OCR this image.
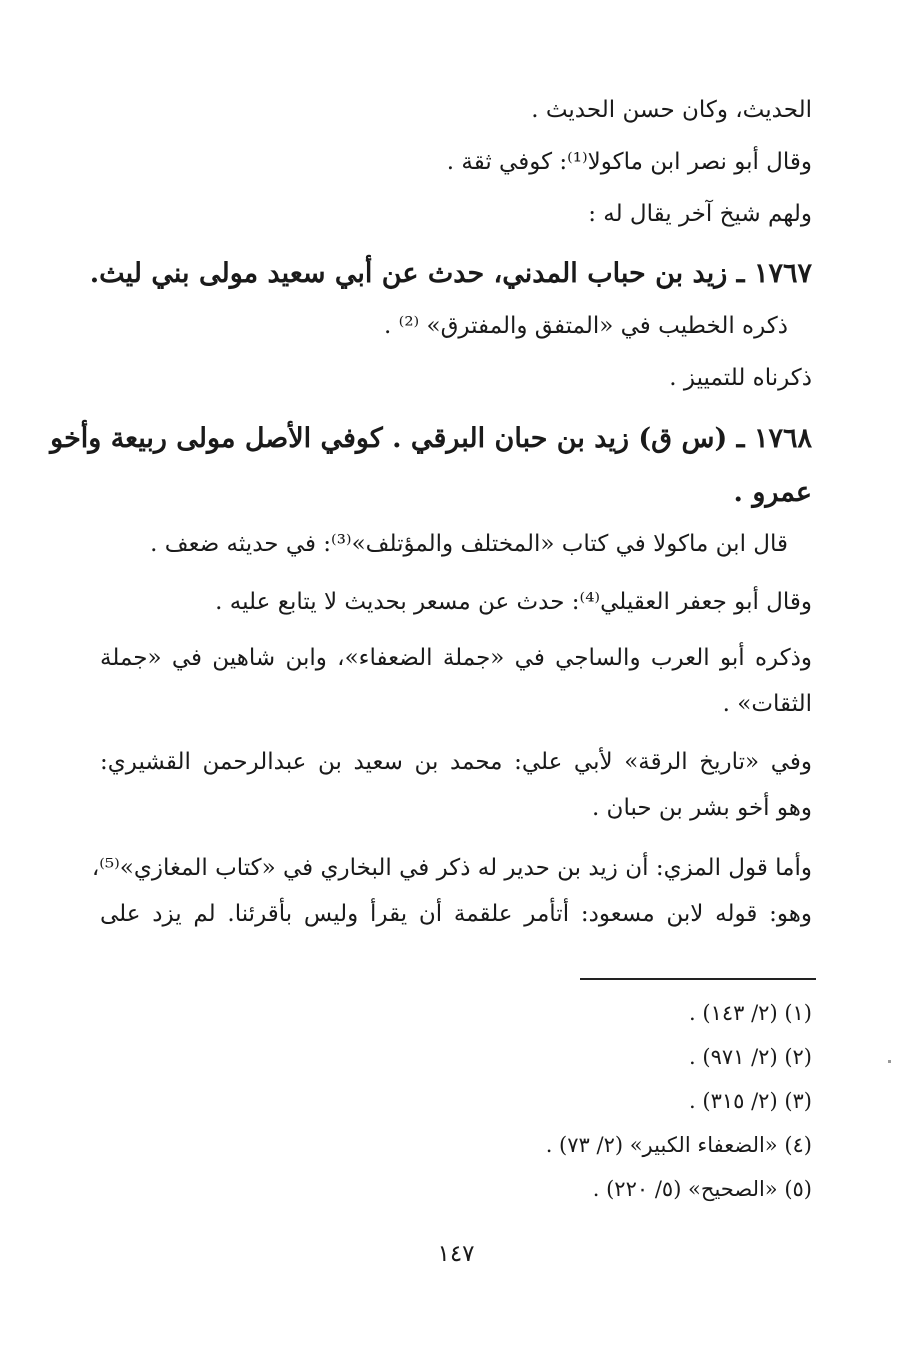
الحديث، وكان حسن الحديث .
وقال أبو نصر ابن ماكولا⁽¹⁾: كوفي ثقة .
ولهم شيخ آخر يقال له :
١٧٦٧ ـ زيد بن حباب المدني، حدث عن أبي سعيد مولى بني ليث.
ذكره الخطيب في «المتفق والمفترق» ⁽²⁾ .
ذكرناه للتمييز .
١٧٦٨ ـ (س ق) زيد بن حبان البرقي . كوفي الأصل مولى ربيعة وأخو
عمرو .
قال ابن ماكولا في كتاب «المختلف والمؤتلف»⁽³⁾: في حديثه ضعف .
وقال أبو جعفر العقيلي⁽⁴⁾: حدث عن مسعر بحديث لا يتابع عليه .
وذكره أبو العرب والساجي في «جملة الضعفاء»، وابن شاهين في «جملة
الثقات» .
وفي «تاريخ الرقة» لأبي علي: محمد بن سعيد بن عبدالرحمن القشيري:
وهو أخو بشر بن حبان .
وأما قول المزي: أن زيد بن حدير له ذكر في البخاري في «كتاب المغازي»⁽⁵⁾،
وهو: قوله لابن مسعود: أتأمر علقمة أن يقرأ وليس بأقرئنا. لم يزد على
(١) (٢/ ١٤٣) .
(٢) (٢/ ٩٧١) .
(٣) (٢/ ٣١٥) .
(٤) «الضعفاء الكبير» (٢/ ٧٣) .
(٥) «الصحيح» (٥/ ٢٢٠) .
١٤٧
